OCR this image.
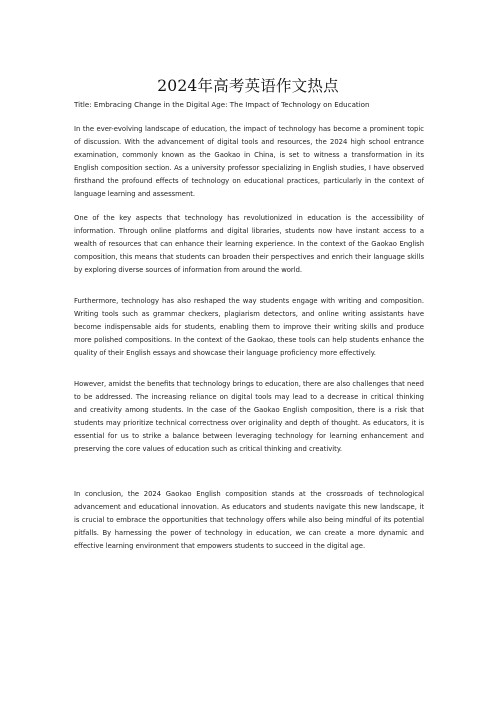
2024年高考英语作文热点

Title: Embracing Change in the Digital Age: The Impact of Technology on Education

In the ever-evolving landscape of education, the impact of technology has become a prominent topic of discussion. With the advancement of digital tools and resources, the 2024 high school entrance examination, commonly known as the Gaokao in China, is set to witness a transformation in its English composition section. As a university professor specializing in English studies, I have observed firsthand the profound effects of technology on educational practices, particularly in the context of language learning and assessment.

One of the key aspects that technology has revolutionized in education is the accessibility of information. Through online platforms and digital libraries, students now have instant access to a wealth of resources that can enhance their learning experience. In the context of the Gaokao English composition, this means that students can broaden their perspectives and enrich their language skills by exploring diverse sources of information from around the world.

Furthermore, technology has also reshaped the way students engage with writing and composition. Writing tools such as grammar checkers, plagiarism detectors, and online writing assistants have become indispensable aids for students, enabling them to improve their writing skills and produce more polished compositions. In the context of the Gaokao, these tools can help students enhance the quality of their English essays and showcase their language proficiency more effectively.

However, amidst the benefits that technology brings to education, there are also challenges that need to be addressed. The increasing reliance on digital tools may lead to a decrease in critical thinking and creativity among students. In the case of the Gaokao English composition, there is a risk that students may prioritize technical correctness over originality and depth of thought. As educators, it is essential for us to strike a balance between leveraging technology for learning enhancement and preserving the core values of education such as critical thinking and creativity.

In conclusion, the 2024 Gaokao English composition stands at the crossroads of technological advancement and educational innovation. As educators and students navigate this new landscape, it is crucial to embrace the opportunities that technology offers while also being mindful of its potential pitfalls. By harnessing the power of technology in education, we can create a more dynamic and effective learning environment that empowers students to succeed in the digital age.
